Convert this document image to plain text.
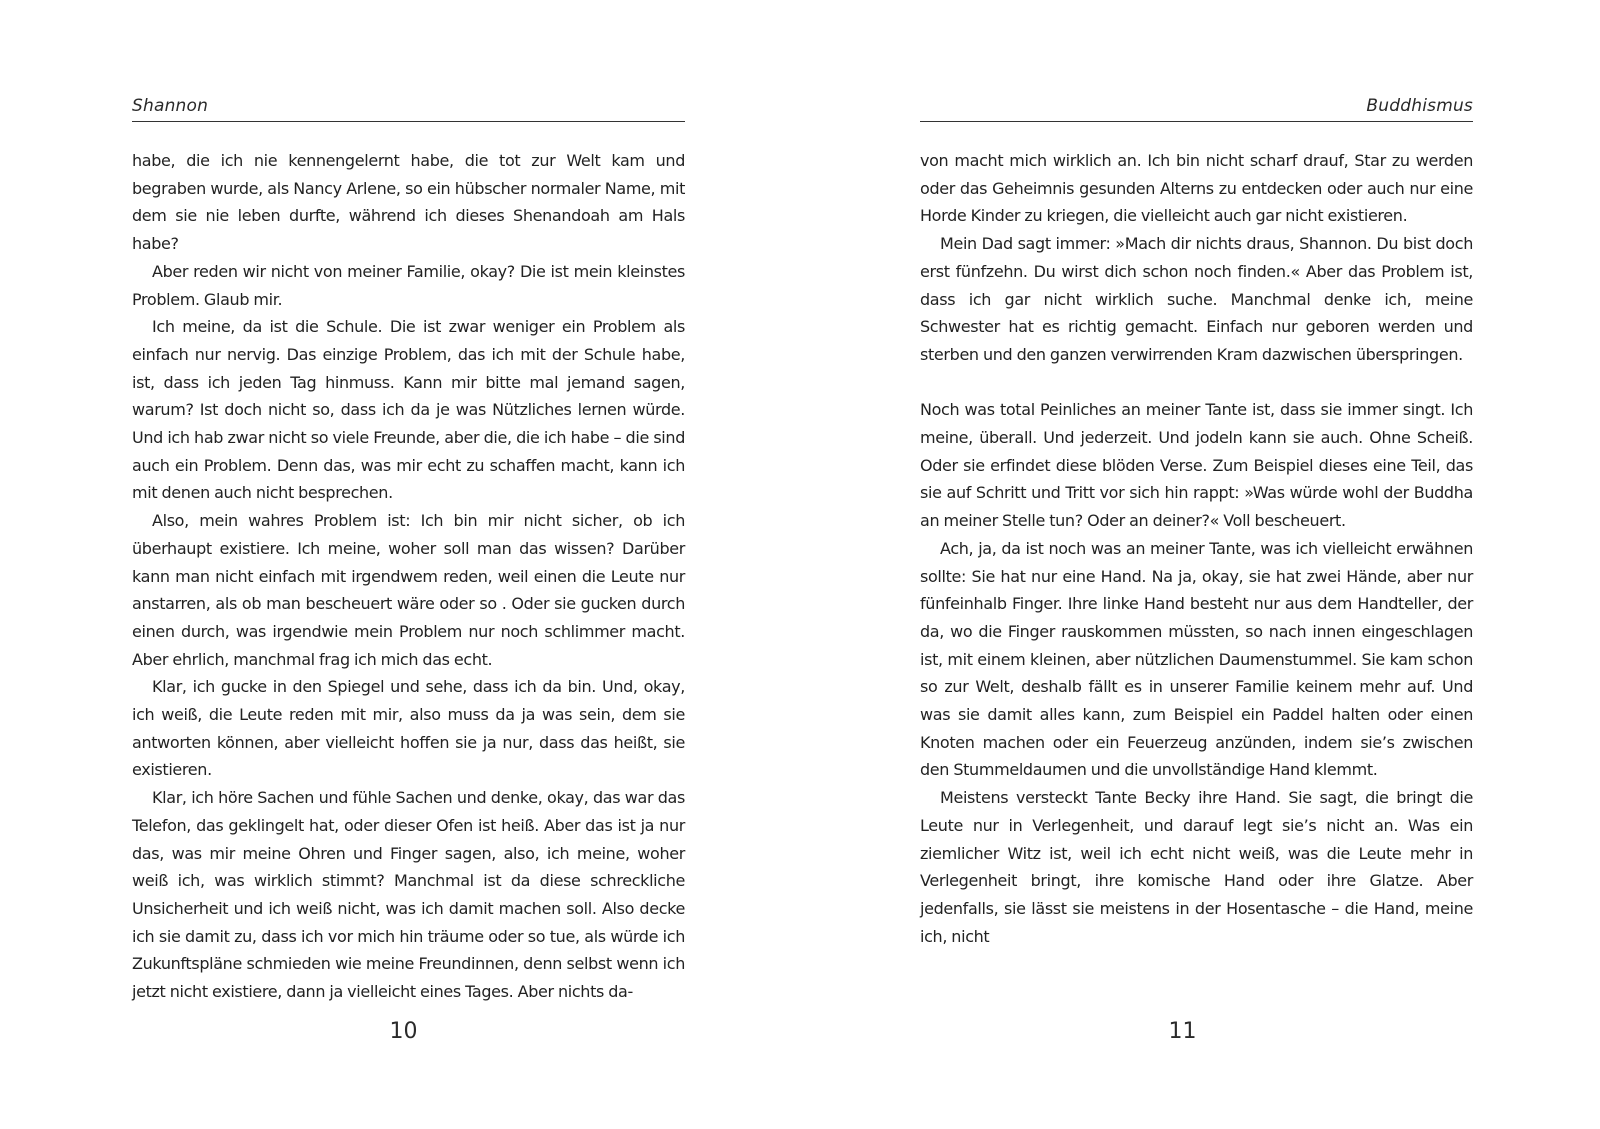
Shannon

habe, die ich nie kennengelernt habe, die tot zur Welt kam und begraben wurde, als Nancy Arlene, so ein hübscher normaler Name, mit dem sie nie leben durfte, während ich dieses Shenandoah am Hals habe?

Aber reden wir nicht von meiner Familie, okay? Die ist mein kleinstes Problem. Glaub mir.

Ich meine, da ist die Schule. Die ist zwar weniger ein Problem als einfach nur nervig. Das einzige Problem, das ich mit der Schule habe, ist, dass ich jeden Tag hinmuss. Kann mir bitte mal jemand sagen, warum? Ist doch nicht so, dass ich da je was Nützliches lernen würde. Und ich hab zwar nicht so viele Freunde, aber die, die ich habe – die sind auch ein Problem. Denn das, was mir echt zu schaffen macht, kann ich mit denen auch nicht besprechen.

Also, mein wahres Problem ist: Ich bin mir nicht sicher, ob ich überhaupt existiere. Ich meine, woher soll man das wissen? Darüber kann man nicht einfach mit irgendwem reden, weil einen die Leute nur anstarren, als ob man bescheuert wäre oder so . Oder sie gucken durch einen durch, was irgendwie mein Problem nur noch schlimmer macht. Aber ehrlich, manchmal frag ich mich das echt.

Klar, ich gucke in den Spiegel und sehe, dass ich da bin. Und, okay, ich weiß, die Leute reden mit mir, also muss da ja was sein, dem sie antworten können, aber vielleicht hoffen sie ja nur, dass das heißt, sie existieren.

Klar, ich höre Sachen und fühle Sachen und denke, okay, das war das Telefon, das geklingelt hat, oder dieser Ofen ist heiß. Aber das ist ja nur das, was mir meine Ohren und Finger sagen, also, ich meine, woher weiß ich, was wirklich stimmt? Manchmal ist da diese schreckliche Unsicherheit und ich weiß nicht, was ich damit machen soll. Also decke ich sie damit zu, dass ich vor mich hin träume oder so tue, als würde ich Zukunftspläne schmieden wie meine Freundinnen, denn selbst wenn ich jetzt nicht existiere, dann ja vielleicht eines Tages. Aber nichts da-

10
Buddhismus

von macht mich wirklich an. Ich bin nicht scharf drauf, Star zu werden oder das Geheimnis gesunden Alterns zu entdecken oder auch nur eine Horde Kinder zu kriegen, die vielleicht auch gar nicht existieren.

Mein Dad sagt immer: »Mach dir nichts draus, Shannon. Du bist doch erst fünfzehn. Du wirst dich schon noch finden.« Aber das Problem ist, dass ich gar nicht wirklich suche. Manchmal denke ich, meine Schwester hat es richtig gemacht. Einfach nur geboren werden und sterben und den ganzen verwirrenden Kram dazwischen überspringen.

Noch was total Peinliches an meiner Tante ist, dass sie immer singt. Ich meine, überall. Und jederzeit. Und jodeln kann sie auch. Ohne Scheiß. Oder sie erfindet diese blöden Verse. Zum Beispiel dieses eine Teil, das sie auf Schritt und Tritt vor sich hin rappt: »Was würde wohl der Buddha an meiner Stelle tun? Oder an deiner?« Voll bescheuert.

Ach, ja, da ist noch was an meiner Tante, was ich vielleicht erwähnen sollte: Sie hat nur eine Hand. Na ja, okay, sie hat zwei Hände, aber nur fünfeinhalb Finger. Ihre linke Hand besteht nur aus dem Handteller, der da, wo die Finger rauskommen müssten, so nach innen eingeschlagen ist, mit einem kleinen, aber nützlichen Daumenstummel. Sie kam schon so zur Welt, deshalb fällt es in unserer Familie keinem mehr auf. Und was sie damit alles kann, zum Beispiel ein Paddel halten oder einen Knoten machen oder ein Feuerzeug anzünden, indem sie’s zwischen den Stummeldaumen und die unvollständige Hand klemmt.

Meistens versteckt Tante Becky ihre Hand. Sie sagt, die bringt die Leute nur in Verlegenheit, und darauf legt sie’s nicht an. Was ein ziemlicher Witz ist, weil ich echt nicht weiß, was die Leute mehr in Verlegenheit bringt, ihre komische Hand oder ihre Glatze. Aber jedenfalls, sie lässt sie meistens in der Hosentasche – die Hand, meine ich, nicht

11
